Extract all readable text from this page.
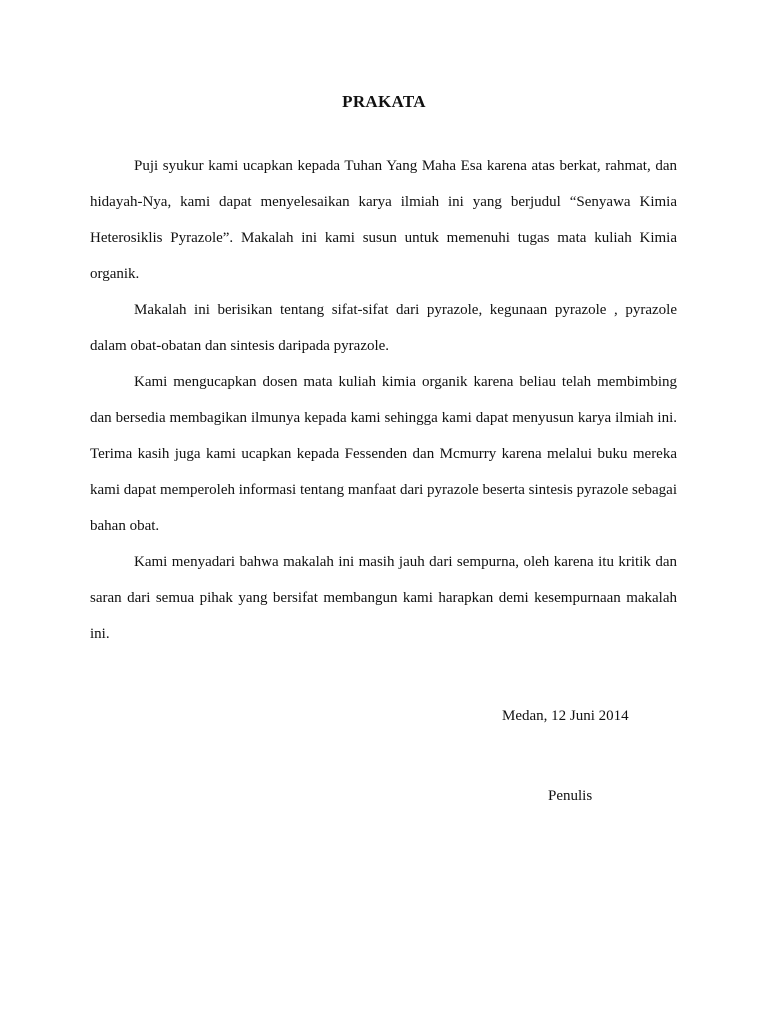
PRAKATA

Puji syukur kami ucapkan kepada Tuhan Yang Maha Esa karena atas berkat, rahmat, dan hidayah-Nya, kami dapat menyelesaikan karya ilmiah ini yang berjudul “Senyawa Kimia Heterosiklis Pyrazole”. Makalah ini kami susun untuk memenuhi tugas mata kuliah Kimia organik.

Makalah ini berisikan tentang sifat-sifat dari pyrazole, kegunaan pyrazole , pyrazole dalam obat-obatan dan sintesis daripada pyrazole.

Kami mengucapkan dosen mata kuliah kimia organik karena beliau telah membimbing dan bersedia membagikan ilmunya kepada kami sehingga kami dapat menyusun karya ilmiah ini. Terima kasih juga kami ucapkan kepada Fessenden dan Mcmurry karena melalui buku mereka kami dapat memperoleh informasi tentang manfaat dari pyrazole beserta sintesis pyrazole sebagai bahan obat.

Kami menyadari bahwa makalah ini masih jauh dari sempurna, oleh karena itu kritik dan saran dari semua pihak yang bersifat membangun kami harapkan demi kesempurnaan makalah ini.

Medan, 12 Juni 2014
Penulis
